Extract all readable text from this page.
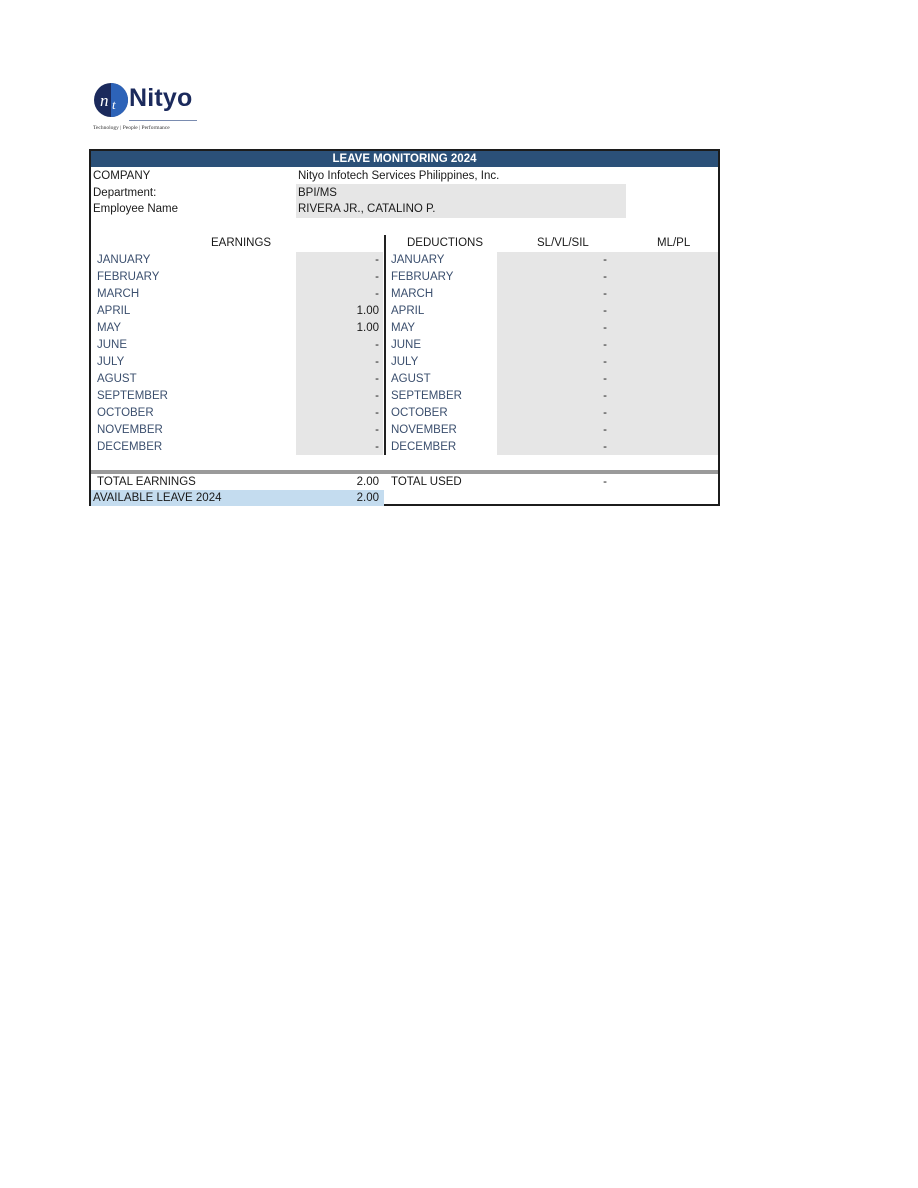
n t Nityo
Technology | People | Performance
LEAVE MONITORING 2024
COMPANY	Nityo Infotech Services Philippines, Inc.
Department:	BPI/MS
Employee Name	RIVERA JR., CATALINO P.
EARNINGS	DEDUCTIONS	SL/VL/SIL	ML/PL
JANUARY	- JANUARY	-
FEBRUARY	- FEBRUARY	-
MARCH	- MARCH	-
APRIL	1.00 APRIL	-
MAY	1.00 MAY	-
JUNE	- JUNE	-
JULY	- JULY	-
AGUST	- AGUST	-
SEPTEMBER	- SEPTEMBER	-
OCTOBER	- OCTOBER	-
NOVEMBER	- NOVEMBER	-
DECEMBER	- DECEMBER	-
TOTAL EARNINGS	2.00 TOTAL USED	-
AVAILABLE LEAVE 2024	2.00
